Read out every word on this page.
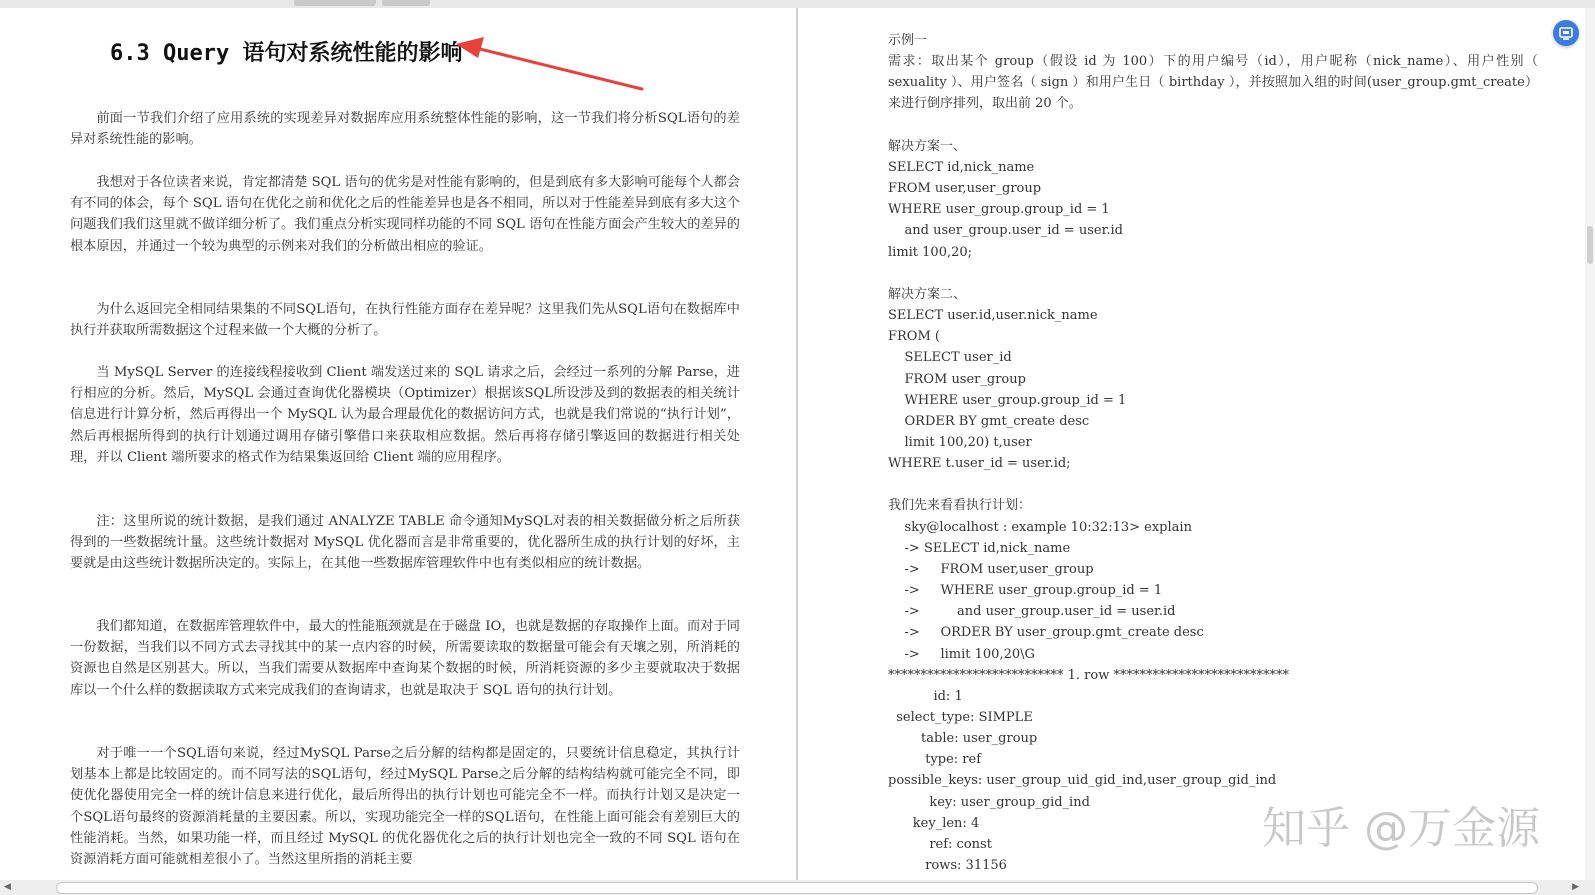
6.3 Query 语句对系统性能的影响

前面一节我们介绍了应用系统的实现差异对数据库应用系统整体性能的影响，这一节我们将分析SQL语句的差异对系统性能的影响。

我想对于各位读者来说，肯定都清楚 SQL 语句的优劣是对性能有影响的，但是到底有多大影响可能每个人都会有不同的体会，每个 SQL 语句在优化之前和优化之后的性能差异也是各不相同，所以对于性能差异到底有多大这个问题我们我们这里就不做详细分析了。我们重点分析实现同样功能的不同 SQL 语句在性能方面会产生较大的差异的根本原因，并通过一个较为典型的示例来对我们的分析做出相应的验证。

为什么返回完全相同结果集的不同SQL语句，在执行性能方面存在差异呢？这里我们先从SQL语句在数据库中执行并获取所需数据这个过程来做一个大概的分析了。

当 MySQL Server 的连接线程接收到 Client 端发送过来的 SQL 请求之后，会经过一系列的分解 Parse，进行相应的分析。然后，MySQL 会通过查询优化器模块（Optimizer）根据该SQL所设涉及到的数据表的相关统计信息进行计算分析，然后再得出一个 MySQL 认为最合理最优化的数据访问方式，也就是我们常说的“执行计划”，然后再根据所得到的执行计划通过调用存储引擎借口来获取相应数据。然后再将存储引擎返回的数据进行相关处理，并以 Client 端所要求的格式作为结果集返回给 Client 端的应用程序。

注：这里所说的统计数据，是我们通过 ANALYZE TABLE 命令通知MySQL对表的相关数据做分析之后所获得到的一些数据统计量。这些统计数据对 MySQL 优化器而言是非常重要的，优化器所生成的执行计划的好坏，主要就是由这些统计数据所决定的。实际上，在其他一些数据库管理软件中也有类似相应的统计数据。

我们都知道，在数据库管理软件中，最大的性能瓶颈就是在于磁盘 IO，也就是数据的存取操作上面。而对于同一份数据，当我们以不同方式去寻找其中的某一点内容的时候，所需要读取的数据量可能会有天壤之别，所消耗的资源也自然是区别甚大。所以，当我们需要从数据库中查询某个数据的时候，所消耗资源的多少主要就取决于数据库以一个什么样的数据读取方式来完成我们的查询请求，也就是取决于 SQL 语句的执行计划。

对于唯一一个SQL语句来说，经过MySQL Parse之后分解的结构都是固定的，只要统计信息稳定，其执行计划基本上都是比较固定的。而不同写法的SQL语句，经过MySQL Parse之后分解的结构结构就可能完全不同，即使优化器使用完全一样的统计信息来进行优化，最后所得出的执行计划也可能完全不一样。而执行计划又是决定一个SQL语句最终的资源消耗量的主要因素。所以，实现功能完全一样的SQL语句，在性能上面可能会有差别巨大的性能消耗。当然，如果功能一样，而且经过 MySQL 的优化器优化之后的执行计划也完全一致的不同 SQL 语句在资源消耗方面可能就相差很小了。当然这里所指的消耗主要

示例一

需求：取出某个 group（假设 id 为 100）下的用户编号（id），用户昵称（nick_name）、用户性别（ sexuality ）、用户签名（ sign ）和用户生日（ birthday ），并按照加入组的时间(user_group.gmt_create）来进行倒序排列，取出前 20 个。

解决方案一、
SELECT id,nick_name
FROM user,user_group
WHERE user_group.group_id = 1
and user_group.user_id = user.id
limit 100,20;

解决方案二、
SELECT user.id,user.nick_name
FROM (
SELECT user_id
FROM user_group
WHERE user_group.group_id = 1
ORDER BY gmt_create desc
limit 100,20) t,user
WHERE t.user_id = user.id;

我们先来看看执行计划：
sky@localhost : example 10:32:13> explain
-> SELECT id,nick_name
->     FROM user,user_group
->     WHERE user_group.group_id = 1
->         and user_group.user_id = user.id
->     ORDER BY user_group.gmt_create desc
->     limit 100,20\G
*************************** 1. row ***************************
id: 1
select_type: SIMPLE
table: user_group
type: ref
possible_keys: user_group_uid_gid_ind,user_group_gid_ind
key: user_group_gid_ind
key_len: 4
ref: const
rows: 31156

知乎 @万金源

◀	▶
